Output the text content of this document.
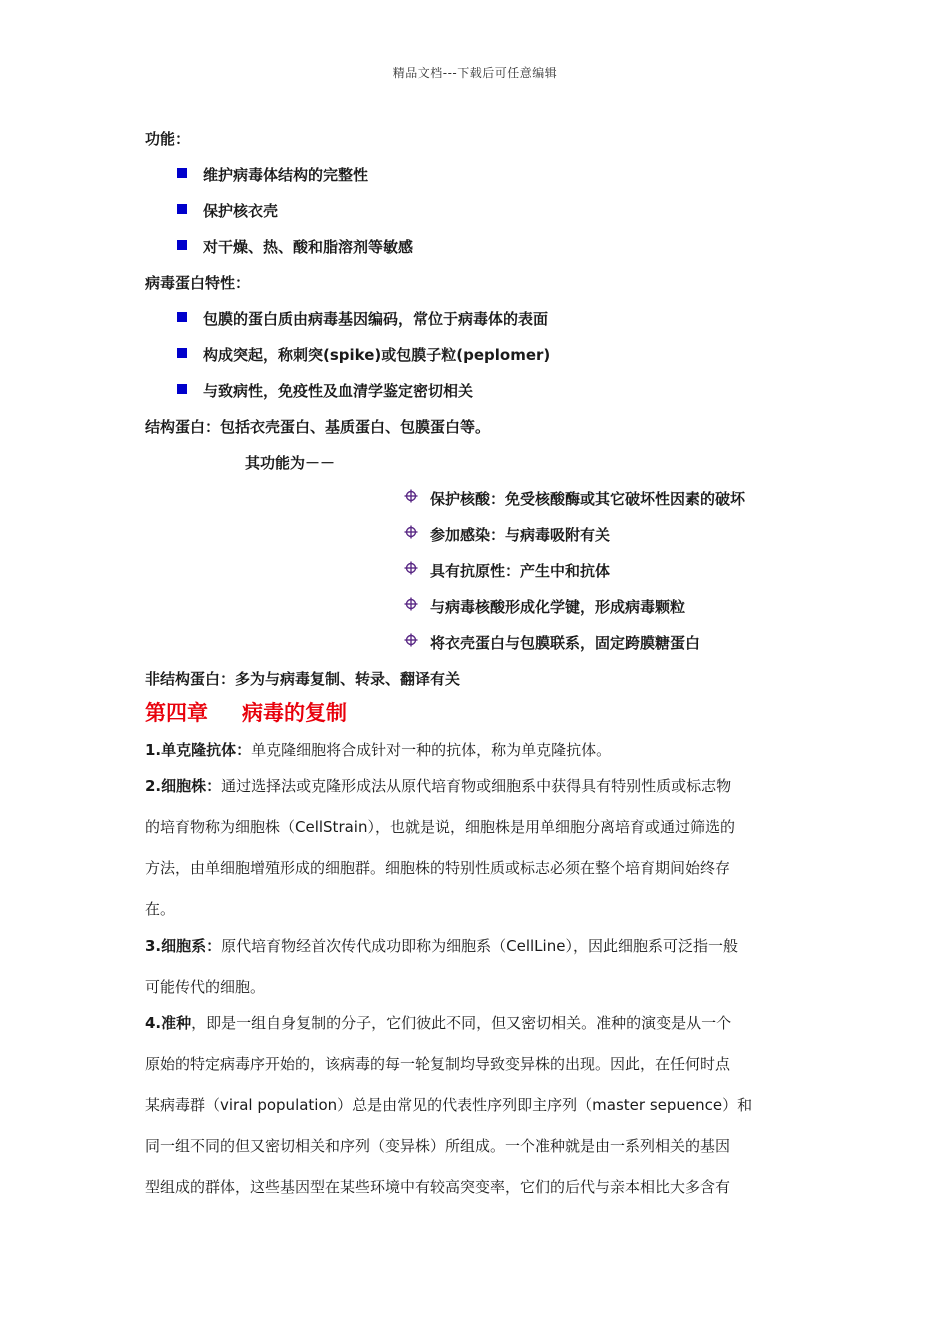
精品文档---下载后可任意编辑
功能：
维护病毒体结构的完整性
保护核衣壳
对干燥、热、酸和脂溶剂等敏感
病毒蛋白特性：
包膜的蛋白质由病毒基因编码，常位于病毒体的表面
构成突起，称刺突(spike)或包膜子粒(peplomer)
与致病性，免疫性及血清学鉴定密切相关
结构蛋白：包括衣壳蛋白、基质蛋白、包膜蛋白等。
其功能为－－
保护核酸：免受核酸酶或其它破坏性因素的破坏
参加感染：与病毒吸附有关
具有抗原性：产生中和抗体
与病毒核酸形成化学键，形成病毒颗粒
将衣壳蛋白与包膜联系，固定跨膜糖蛋白
非结构蛋白：多为与病毒复制、转录、翻译有关
第四章 病毒的复制
1.单克隆抗体：单克隆细胞将合成针对一种的抗体，称为单克隆抗体。
2.细胞株：通过选择法或克隆形成法从原代培育物或细胞系中获得具有特别性质或标志物
的培育物称为细胞株（CellStrain），也就是说，细胞株是用单细胞分离培育或通过筛选的
方法，由单细胞增殖形成的细胞群。细胞株的特别性质或标志必须在整个培育期间始终存
在。
3.细胞系：原代培育物经首次传代成功即称为细胞系（CellLine），因此细胞系可泛指一般
可能传代的细胞。
4.准种，即是一组自身复制的分子，它们彼此不同，但又密切相关。准种的演变是从一个
原始的特定病毒序开始的，该病毒的每一轮复制均导致变异株的出现。因此，在任何时点
某病毒群（viral population）总是由常见的代表性序列即主序列（master sepuence）和
同一组不同的但又密切相关和序列（变异株）所组成。一个准种就是由一系列相关的基因
型组成的群体，这些基因型在某些环境中有较高突变率，它们的后代与亲本相比大多含有
